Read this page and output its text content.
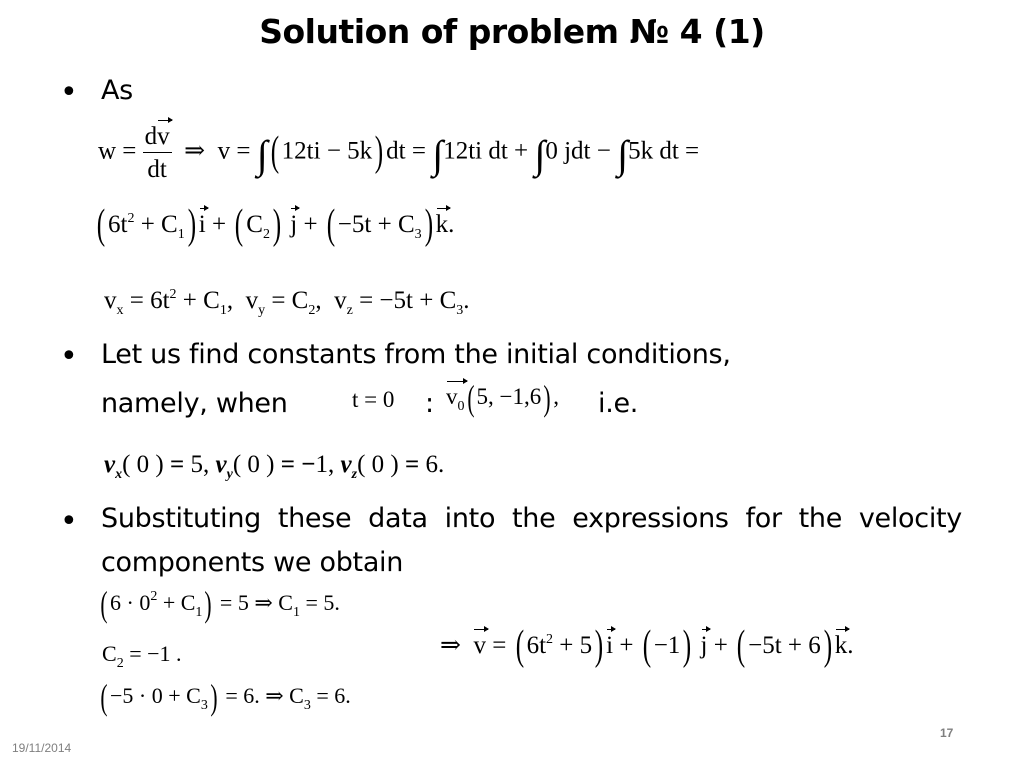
Solution of problem № 4 (1)
• As
$w = \frac{dv}{dt}$ ⇒  v = ∫( 12ti − 5k) dt = ∫12ti dt + ∫0 jdt − ∫5k dt =
( $6t^2 + C_1$) i + ( $C_2$) j + ( $-5t + C_3$) k.
$v_x = 6t^2 + C_1$,  $v_y = C_2$,  $v_z = -5t + C_3$.
• Let us find constants from the initial conditions,
namely, when	t = 0 : $v_0$( 5, −1,6) , i.e.
$v_x$( 0 ) = 5, $v_y$( 0 ) = −1, $v_z$( 0 ) = 6.
• Substituting these data into the expressions for the velocity components we obtain
( $6 \cdot 0^2 + C_1) = 5$ ⇒ $C_1 = 5$.
$C_2 = -1$ .
( $-5 \cdot 0 + C_3) = 6$. ⇒ $C_3 = 6$.
⇒  v = ( $6t^2 + 5$) i + ( −1) j + ( −5t + 6) k.
19/11/2014
17
